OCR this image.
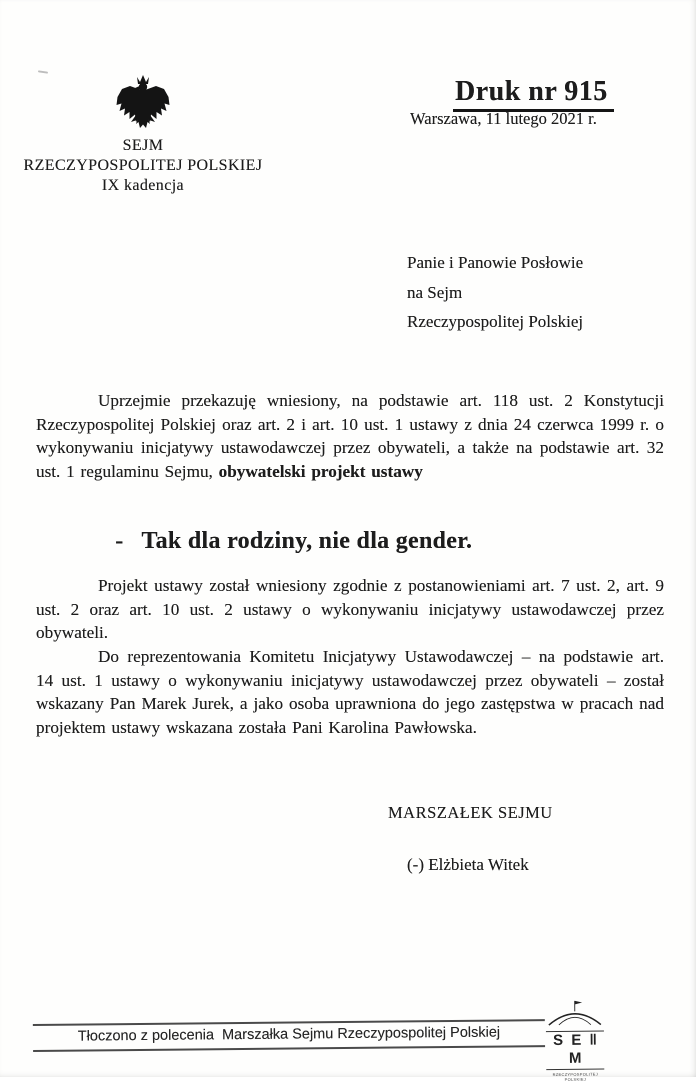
SEJM
RZECZYPOSPOLITEJ POLSKIEJ
IX kadencja
Druk nr 915
Warszawa, 11 lutego 2021 r.
Panie i Panowie Posłowie
na Sejm
Rzeczypospolitej Polskiej

Uprzejmie przekazuję wniesiony, na podstawie art. 118 ust. 2 Konstytucji Rzeczypospolitej Polskiej oraz art. 2 i art. 10 ust. 1 ustawy z dnia 24 czerwca 1999 r. o wykonywaniu inicjatywy ustawodawczej przez obywateli, a także na podstawie art. 32 ust. 1 regulaminu Sejmu, obywatelski projekt ustawy

- Tak dla rodziny, nie dla gender.

Projekt ustawy został wniesiony zgodnie z postanowieniami art. 7 ust. 2, art. 9 ust. 2 oraz art. 10 ust. 2 ustawy o wykonywaniu inicjatywy ustawodawczej przez obywateli.

Do reprezentowania Komitetu Inicjatywy Ustawodawczej – na podstawie art. 14 ust. 1 ustawy o wykonywaniu inicjatywy ustawodawczej przez obywateli – został wskazany Pan Marek Jurek, a jako osoba uprawniona do jego zastępstwa w pracach nad projektem ustawy wskazana została Pani Karolina Pawłowska.

MARSZAŁEK SEJMU
(-) Elżbieta Witek
Tłoczono z polecenia  Marszałka Sejmu Rzeczypospolitej Polskiej	S E ‖ M
RZECZYPOSPOLITEJ POLSKIEJ
